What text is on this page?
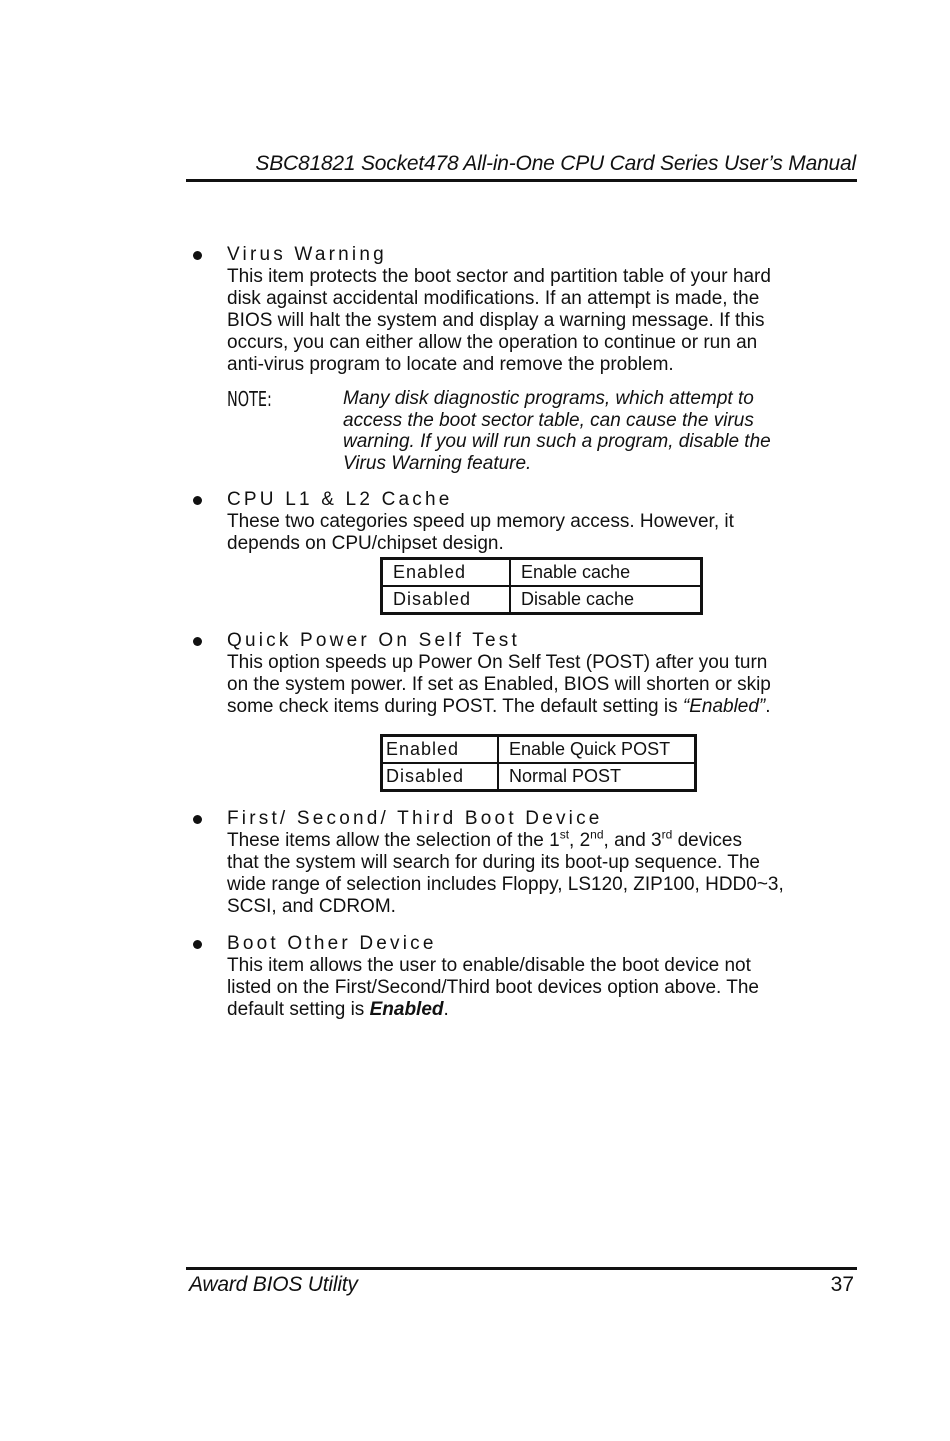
SBC81821 Socket478 All-in-One CPU Card Series User’s Manual
Virus Warning
This item protects the boot sector and partition table of your hard
disk against accidental modifications. If an attempt is made, the
BIOS will halt the system and display a warning message. If this
occurs, you can either allow the operation to continue or run an
anti-virus program to locate and remove the problem.
NOTE:	Many disk diagnostic programs, which attempt to
access the boot sector table, can cause the virus
warning. If you will run such a program, disable the
Virus Warning feature.
CPU L1 & L2 Cache
These two categories speed up memory access. However, it
depends on CPU/chipset design.
Enabled	Enable cache
Disabled	Disable cache
Quick Power On Self Test
This option speeds up Power On Self Test (POST) after you turn
on the system power. If set as Enabled, BIOS will shorten or skip
some check items during POST. The default setting is “Enabled”.
Enabled	Enable Quick POST
Disabled	Normal POST
First/ Second/ Third Boot Device
These items allow the selection of the 1st, 2nd, and 3rd devices
that the system will search for during its boot-up sequence. The
wide range of selection includes Floppy, LS120, ZIP100, HDD0~3,
SCSI, and CDROM.
Boot Other Device
This item allows the user to enable/disable the boot device not
listed on the First/Second/Third boot devices option above. The
default setting is Enabled.
Award BIOS Utility	37
